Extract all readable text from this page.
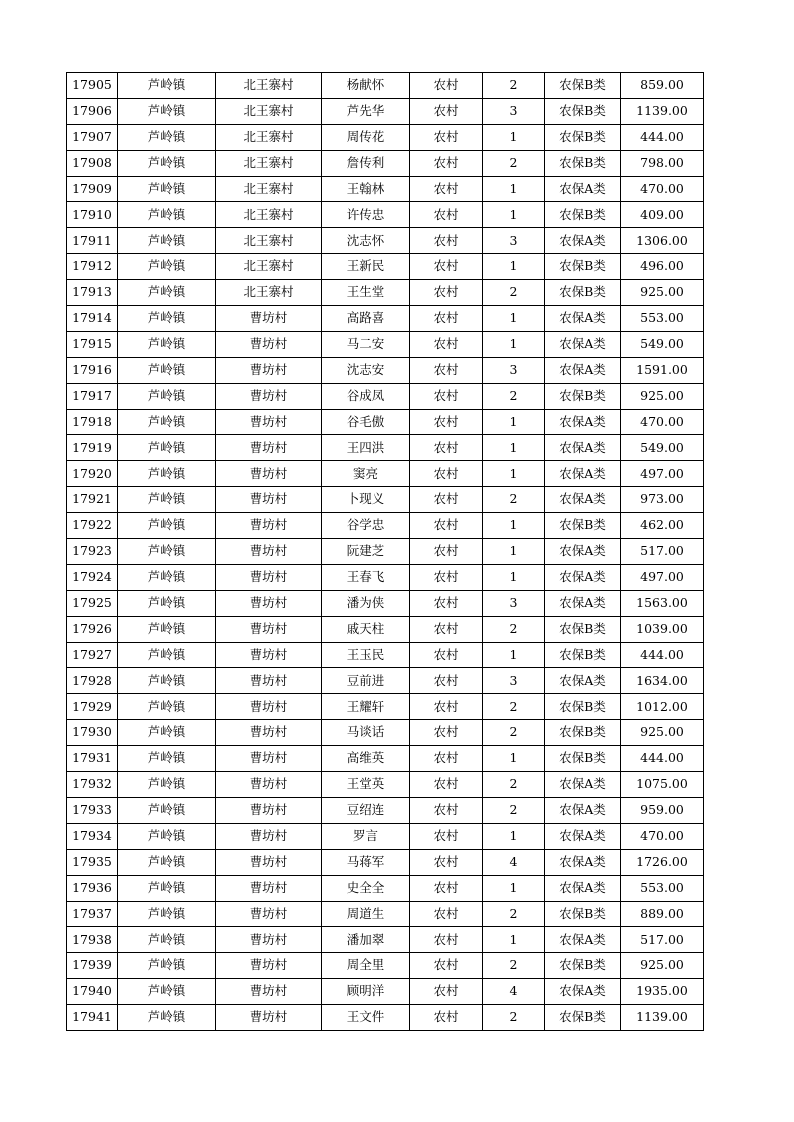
17905	芦岭镇	北王寨村	杨献怀	农村	2	农保B类	859.00
17906	芦岭镇	北王寨村	芦先华	农村	3	农保B类	1139.00
17907	芦岭镇	北王寨村	周传花	农村	1	农保B类	444.00
17908	芦岭镇	北王寨村	詹传利	农村	2	农保B类	798.00
17909	芦岭镇	北王寨村	王翰林	农村	1	农保A类	470.00
17910	芦岭镇	北王寨村	许传忠	农村	1	农保B类	409.00
17911	芦岭镇	北王寨村	沈志怀	农村	3	农保A类	1306.00
17912	芦岭镇	北王寨村	王新民	农村	1	农保B类	496.00
17913	芦岭镇	北王寨村	王生堂	农村	2	农保B类	925.00
17914	芦岭镇	曹坊村	高路喜	农村	1	农保A类	553.00
17915	芦岭镇	曹坊村	马二安	农村	1	农保A类	549.00
17916	芦岭镇	曹坊村	沈志安	农村	3	农保A类	1591.00
17917	芦岭镇	曹坊村	谷成凤	农村	2	农保B类	925.00
17918	芦岭镇	曹坊村	谷毛傲	农村	1	农保A类	470.00
17919	芦岭镇	曹坊村	王四洪	农村	1	农保A类	549.00
17920	芦岭镇	曹坊村	窦亮	农村	1	农保A类	497.00
17921	芦岭镇	曹坊村	卜现义	农村	2	农保A类	973.00
17922	芦岭镇	曹坊村	谷学忠	农村	1	农保B类	462.00
17923	芦岭镇	曹坊村	阮建芝	农村	1	农保A类	517.00
17924	芦岭镇	曹坊村	王春飞	农村	1	农保A类	497.00
17925	芦岭镇	曹坊村	潘为侠	农村	3	农保A类	1563.00
17926	芦岭镇	曹坊村	戚天柱	农村	2	农保B类	1039.00
17927	芦岭镇	曹坊村	王玉民	农村	1	农保B类	444.00
17928	芦岭镇	曹坊村	豆前进	农村	3	农保A类	1634.00
17929	芦岭镇	曹坊村	王耀轩	农村	2	农保B类	1012.00
17930	芦岭镇	曹坊村	马谈话	农村	2	农保B类	925.00
17931	芦岭镇	曹坊村	高维英	农村	1	农保B类	444.00
17932	芦岭镇	曹坊村	王堂英	农村	2	农保A类	1075.00
17933	芦岭镇	曹坊村	豆绍连	农村	2	农保A类	959.00
17934	芦岭镇	曹坊村	罗言	农村	1	农保A类	470.00
17935	芦岭镇	曹坊村	马蒋军	农村	4	农保A类	1726.00
17936	芦岭镇	曹坊村	史全全	农村	1	农保A类	553.00
17937	芦岭镇	曹坊村	周道生	农村	2	农保B类	889.00
17938	芦岭镇	曹坊村	潘加翠	农村	1	农保A类	517.00
17939	芦岭镇	曹坊村	周全里	农村	2	农保B类	925.00
17940	芦岭镇	曹坊村	顾明洋	农村	4	农保A类	1935.00
17941	芦岭镇	曹坊村	王文件	农村	2	农保B类	1139.00
